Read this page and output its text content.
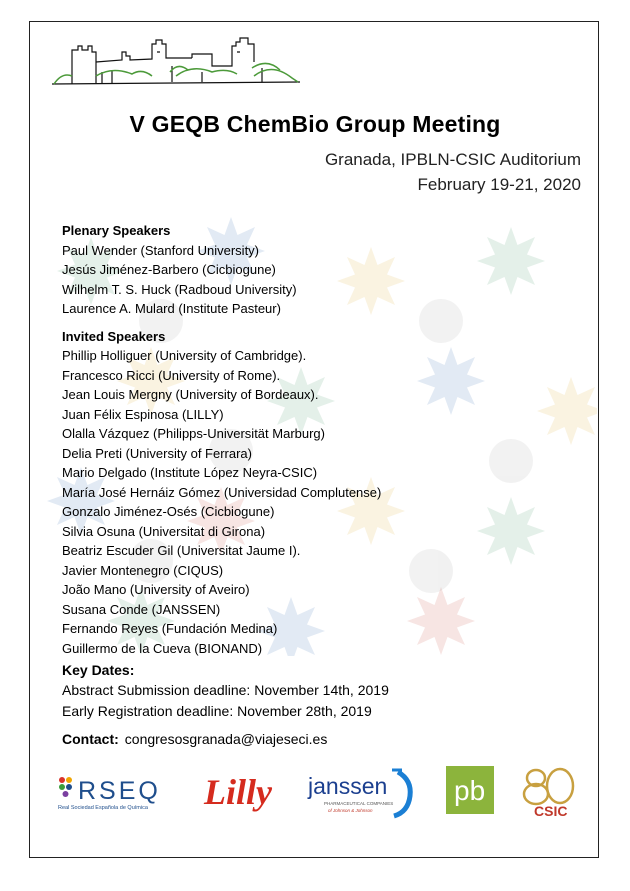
V GEQB ChemBio Group Meeting
Granada, IPBLN-CSIC Auditorium
February 19-21, 2020
Plenary Speakers
Paul Wender (Stanford University)
Jesús Jiménez-Barbero (Cicbiogune)
Wilhelm T. S. Huck (Radboud University)
Laurence A. Mulard (Institute Pasteur)
Invited Speakers
Phillip Holliguer (University of Cambridge).
Francesco Ricci (University of Rome).
Jean Louis Mergny (University of Bordeaux).
Juan Félix Espinosa (LILLY)
Olalla Vázquez (Philipps-Universität Marburg)
Delia Preti (University of Ferrara)
Mario Delgado (Institute López Neyra-CSIC)
María José Hernáiz Gómez (Universidad Complutense)
Gonzalo Jiménez-Osés (Cicbiogune)
Silvia Osuna (Universitat di Girona)
Beatriz Escuder Gil (Universitat Jaume I).
Javier Montenegro (CIQUS)
João Mano (University of Aveiro)
Susana Conde (JANSSEN)
Fernando Reyes (Fundación Medina)
Guillermo de la Cueva (BIONAND)
Key Dates:
Abstract Submission deadline: November 14th, 2019
Early Registration deadline: November 28th, 2019
Contact: congresosgranada@viajeseci.es
RSEQ
Real Sociedad Española de Química Lilly janssen
PHARMACEUTICAL COMPANIES
of Johnson & Johnson
pb
CSIC
